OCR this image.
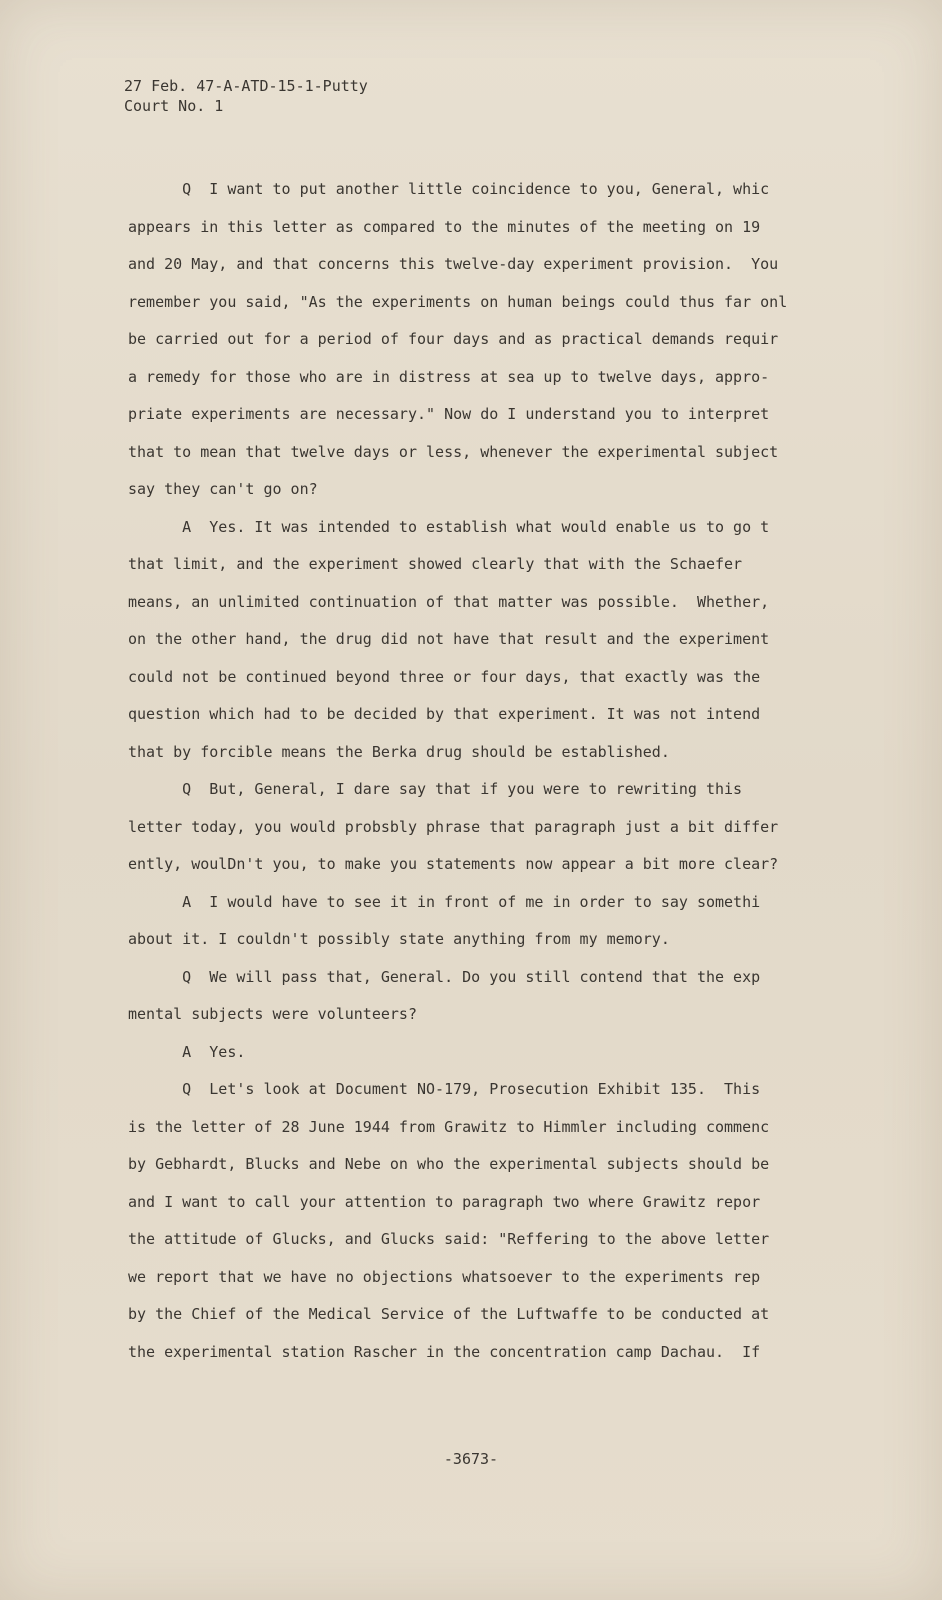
27 Feb. 47-A-ATD-15-1-Putty
Court No. 1
Q  I want to put another little coincidence to you, General, whic
appears in this letter as compared to the minutes of the meeting on 19
and 20 May, and that concerns this twelve-day experiment provision.  You
remember you said, "As the experiments on human beings could thus far onl
be carried out for a period of four days and as practical demands requir
a remedy for those who are in distress at sea up to twelve days, appro-
priate experiments are necessary." Now do I understand you to interpret
that to mean that twelve days or less, whenever the experimental subject
say they can't go on?
A  Yes. It was intended to establish what would enable us to go t
that limit, and the experiment showed clearly that with the Schaefer
means, an unlimited continuation of that matter was possible.  Whether,
on the other hand, the drug did not have that result and the experiment
could not be continued beyond three or four days, that exactly was the
question which had to be decided by that experiment. It was not intend
that by forcible means the Berka drug should be established.
Q  But, General, I dare say that if you were to rewriting this
letter today, you would probsbly phrase that paragraph just a bit differ
ently, woulDn't you, to make you statements now appear a bit more clear?
A  I would have to see it in front of me in order to say somethi
about it. I couldn't possibly state anything from my memory.
Q  We will pass that, General. Do you still contend that the exp
mental subjects were volunteers?
A  Yes.
Q  Let's look at Document NO-179, Prosecution Exhibit 135.  This
is the letter of 28 June 1944 from Grawitz to Himmler including commenc
by Gebhardt, Blucks and Nebe on who the experimental subjects should be
and I want to call your attention to paragraph two where Grawitz repor
the attitude of Glucks, and Glucks said: "Reffering to the above letter
we report that we have no objections whatsoever to the experiments rep
by the Chief of the Medical Service of the Luftwaffe to be conducted at
the experimental station Rascher in the concentration camp Dachau.  If
-3673-
